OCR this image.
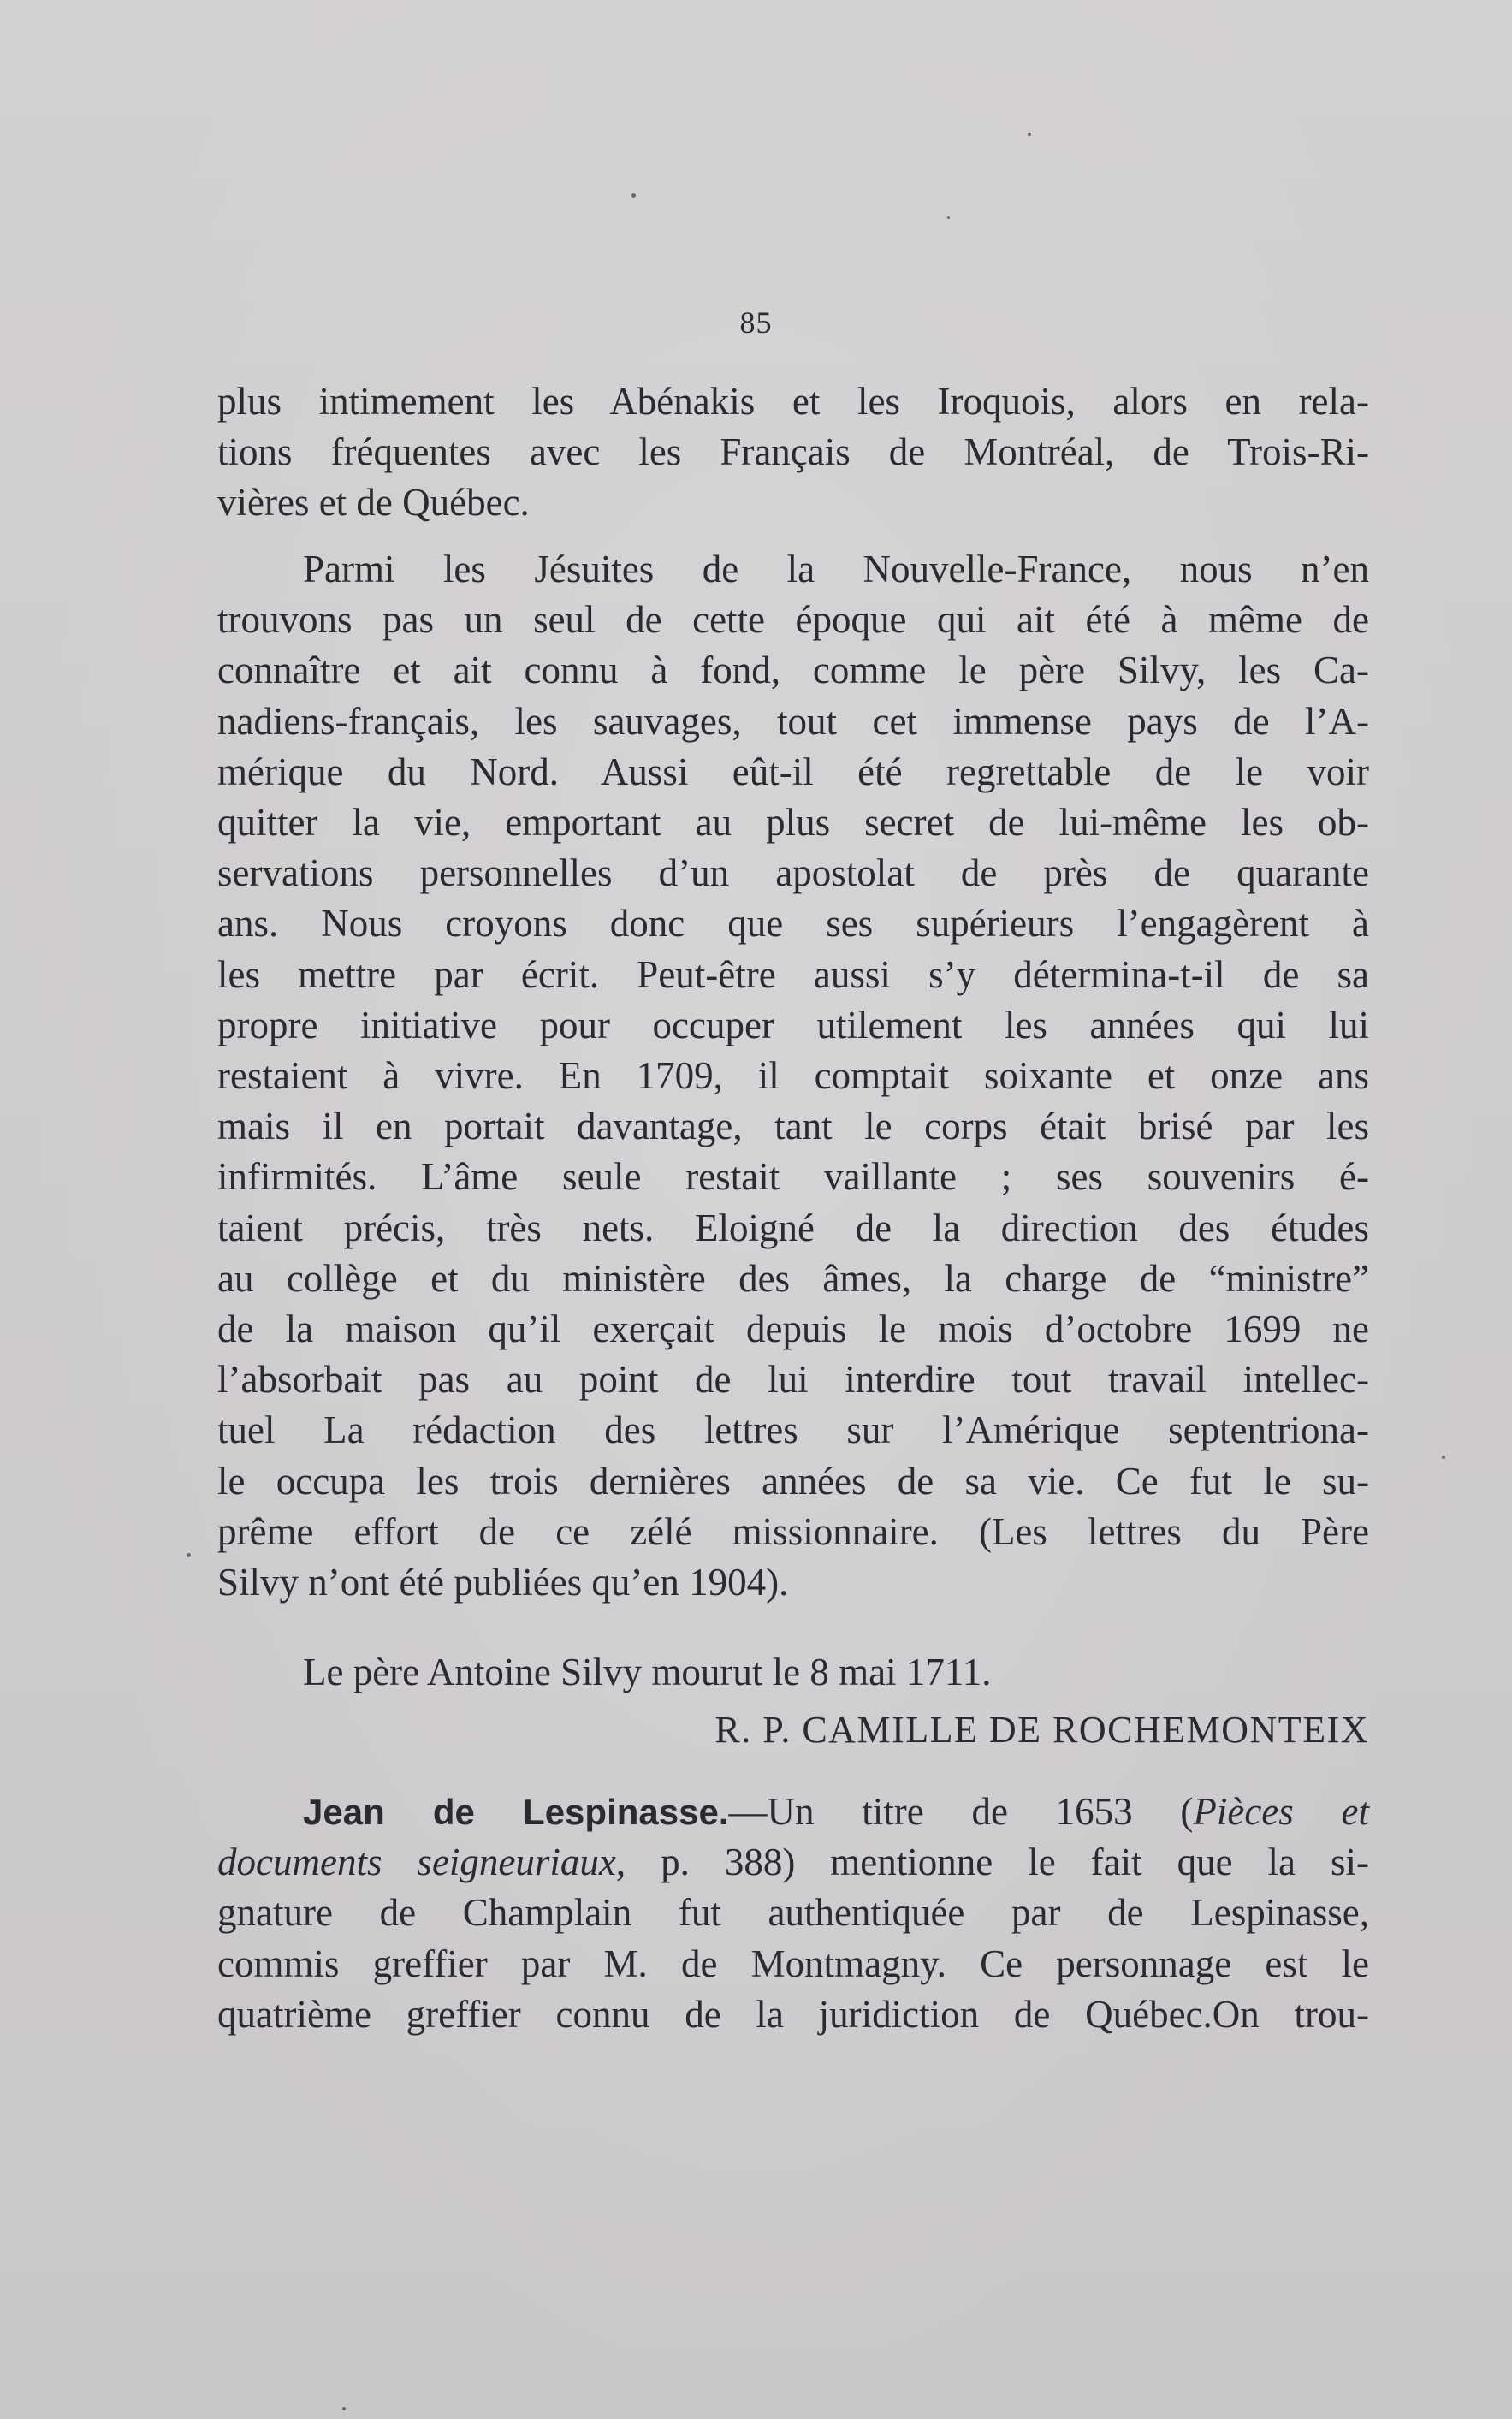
85
plus intimement les Abénakis et les Iroquois, alors en rela-
tions fréquentes avec les Français de Montréal, de Trois-Ri-
vières et de Québec.
Parmi les Jésuites de la Nouvelle-France, nous n’en
trouvons pas un seul de cette époque qui ait été à même de
connaître et ait connu à fond, comme le père Silvy, les Ca-
nadiens-français, les sauvages, tout cet immense pays de l’A-
mérique du Nord. Aussi eût-il été regrettable de le voir
quitter la vie, emportant au plus secret de lui-même les ob-
servations personnelles d’un apostolat de près de quarante
ans. Nous croyons donc que ses supérieurs l’engagèrent à
les mettre par écrit. Peut-être aussi s’y détermina-t-il de sa
propre initiative pour occuper utilement les années qui lui
restaient à vivre. En 1709, il comptait soixante et onze ans
mais il en portait davantage, tant le corps était brisé par les
infirmités. L’âme seule restait vaillante ; ses souvenirs é-
taient précis, très nets. Eloigné de la direction des études
au collège et du ministère des âmes, la charge de “ministre”
de la maison qu’il exerçait depuis le mois d’octobre 1699 ne
l’absorbait pas au point de lui interdire tout travail intellec-
tuel La rédaction des lettres sur l’Amérique septentriona-
le occupa les trois dernières années de sa vie. Ce fut le su-
prême effort de ce zélé missionnaire. (Les lettres du Père
Silvy n’ont été publiées qu’en 1904).
Le père Antoine Silvy mourut le 8 mai 1711.
R. P. CAMILLE DE ROCHEMONTEIX
Jean de Lespinasse.—Un titre de 1653 (Pièces et
documents seigneuriaux, p. 388) mentionne le fait que la si-
gnature de Champlain fut authentiquée par de Lespinasse,
commis greffier par M. de Montmagny. Ce personnage est le
quatrième greffier connu de la juridiction de Québec.On trou-
